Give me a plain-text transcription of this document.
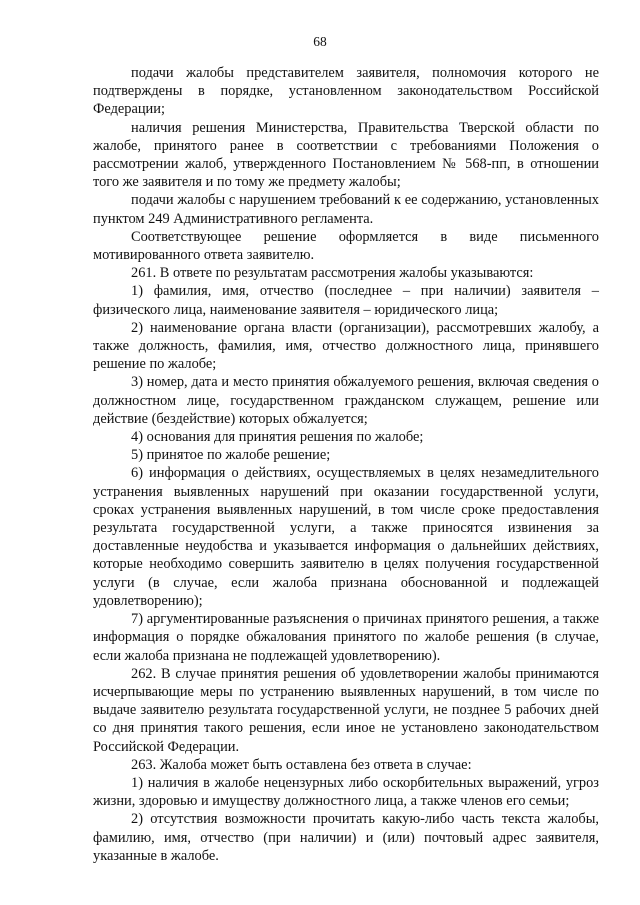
68

подачи жалобы представителем заявителя, полномочия которого не подтверждены в порядке, установленном законодательством Российской Федерации;

наличия решения Министерства, Правительства Тверской области по жалобе, принятого ранее в соответствии с требованиями Положения о рассмотрении жалоб, утвержденного Постановлением № 568-пп, в отношении того же заявителя и по тому же предмету жалобы;

подачи жалобы с нарушением требований к ее содержанию, установленных пунктом 249 Административного регламента.

Соответствующее решение оформляется в виде письменного мотивированного ответа заявителю.

261. В ответе по результатам рассмотрения жалобы указываются:

1) фамилия, имя, отчество (последнее – при наличии) заявителя – физического лица, наименование заявителя – юридического лица;

2) наименование органа власти (организации), рассмотревших жалобу, а также должность, фамилия, имя, отчество должностного лица, принявшего решение по жалобе;

3) номер, дата и место принятия обжалуемого решения, включая сведения о должностном лице, государственном гражданском служащем, решение или действие (бездействие) которых обжалуется;

4) основания для принятия решения по жалобе;

5) принятое по жалобе решение;

6) информация о действиях, осуществляемых в целях незамедлительного устранения выявленных нарушений при оказании государственной услуги, сроках устранения выявленных нарушений, в том числе сроке предоставления результата государственной услуги, а также приносятся извинения за доставленные неудобства и указывается информация о дальнейших действиях, которые необходимо совершить заявителю в целях получения государственной услуги (в случае, если жалоба признана обоснованной и подлежащей удовлетворению);

7) аргументированные разъяснения о причинах принятого решения, а также информация о порядке обжалования принятого по жалобе решения (в случае, если жалоба признана не подлежащей удовлетворению).

262. В случае принятия решения об удовлетворении жалобы принимаются исчерпывающие меры по устранению выявленных нарушений, в том числе по выдаче заявителю результата государственной услуги, не позднее 5 рабочих дней со дня принятия такого решения, если иное не установлено законодательством Российской Федерации.

263. Жалоба может быть оставлена без ответа в случае:

1) наличия в жалобе нецензурных либо оскорбительных выражений, угроз жизни, здоровью и имуществу должностного лица, а также членов его семьи;

2) отсутствия возможности прочитать какую-либо часть текста жалобы, фамилию, имя, отчество (при наличии) и (или) почтовый адрес заявителя, указанные в жалобе.
